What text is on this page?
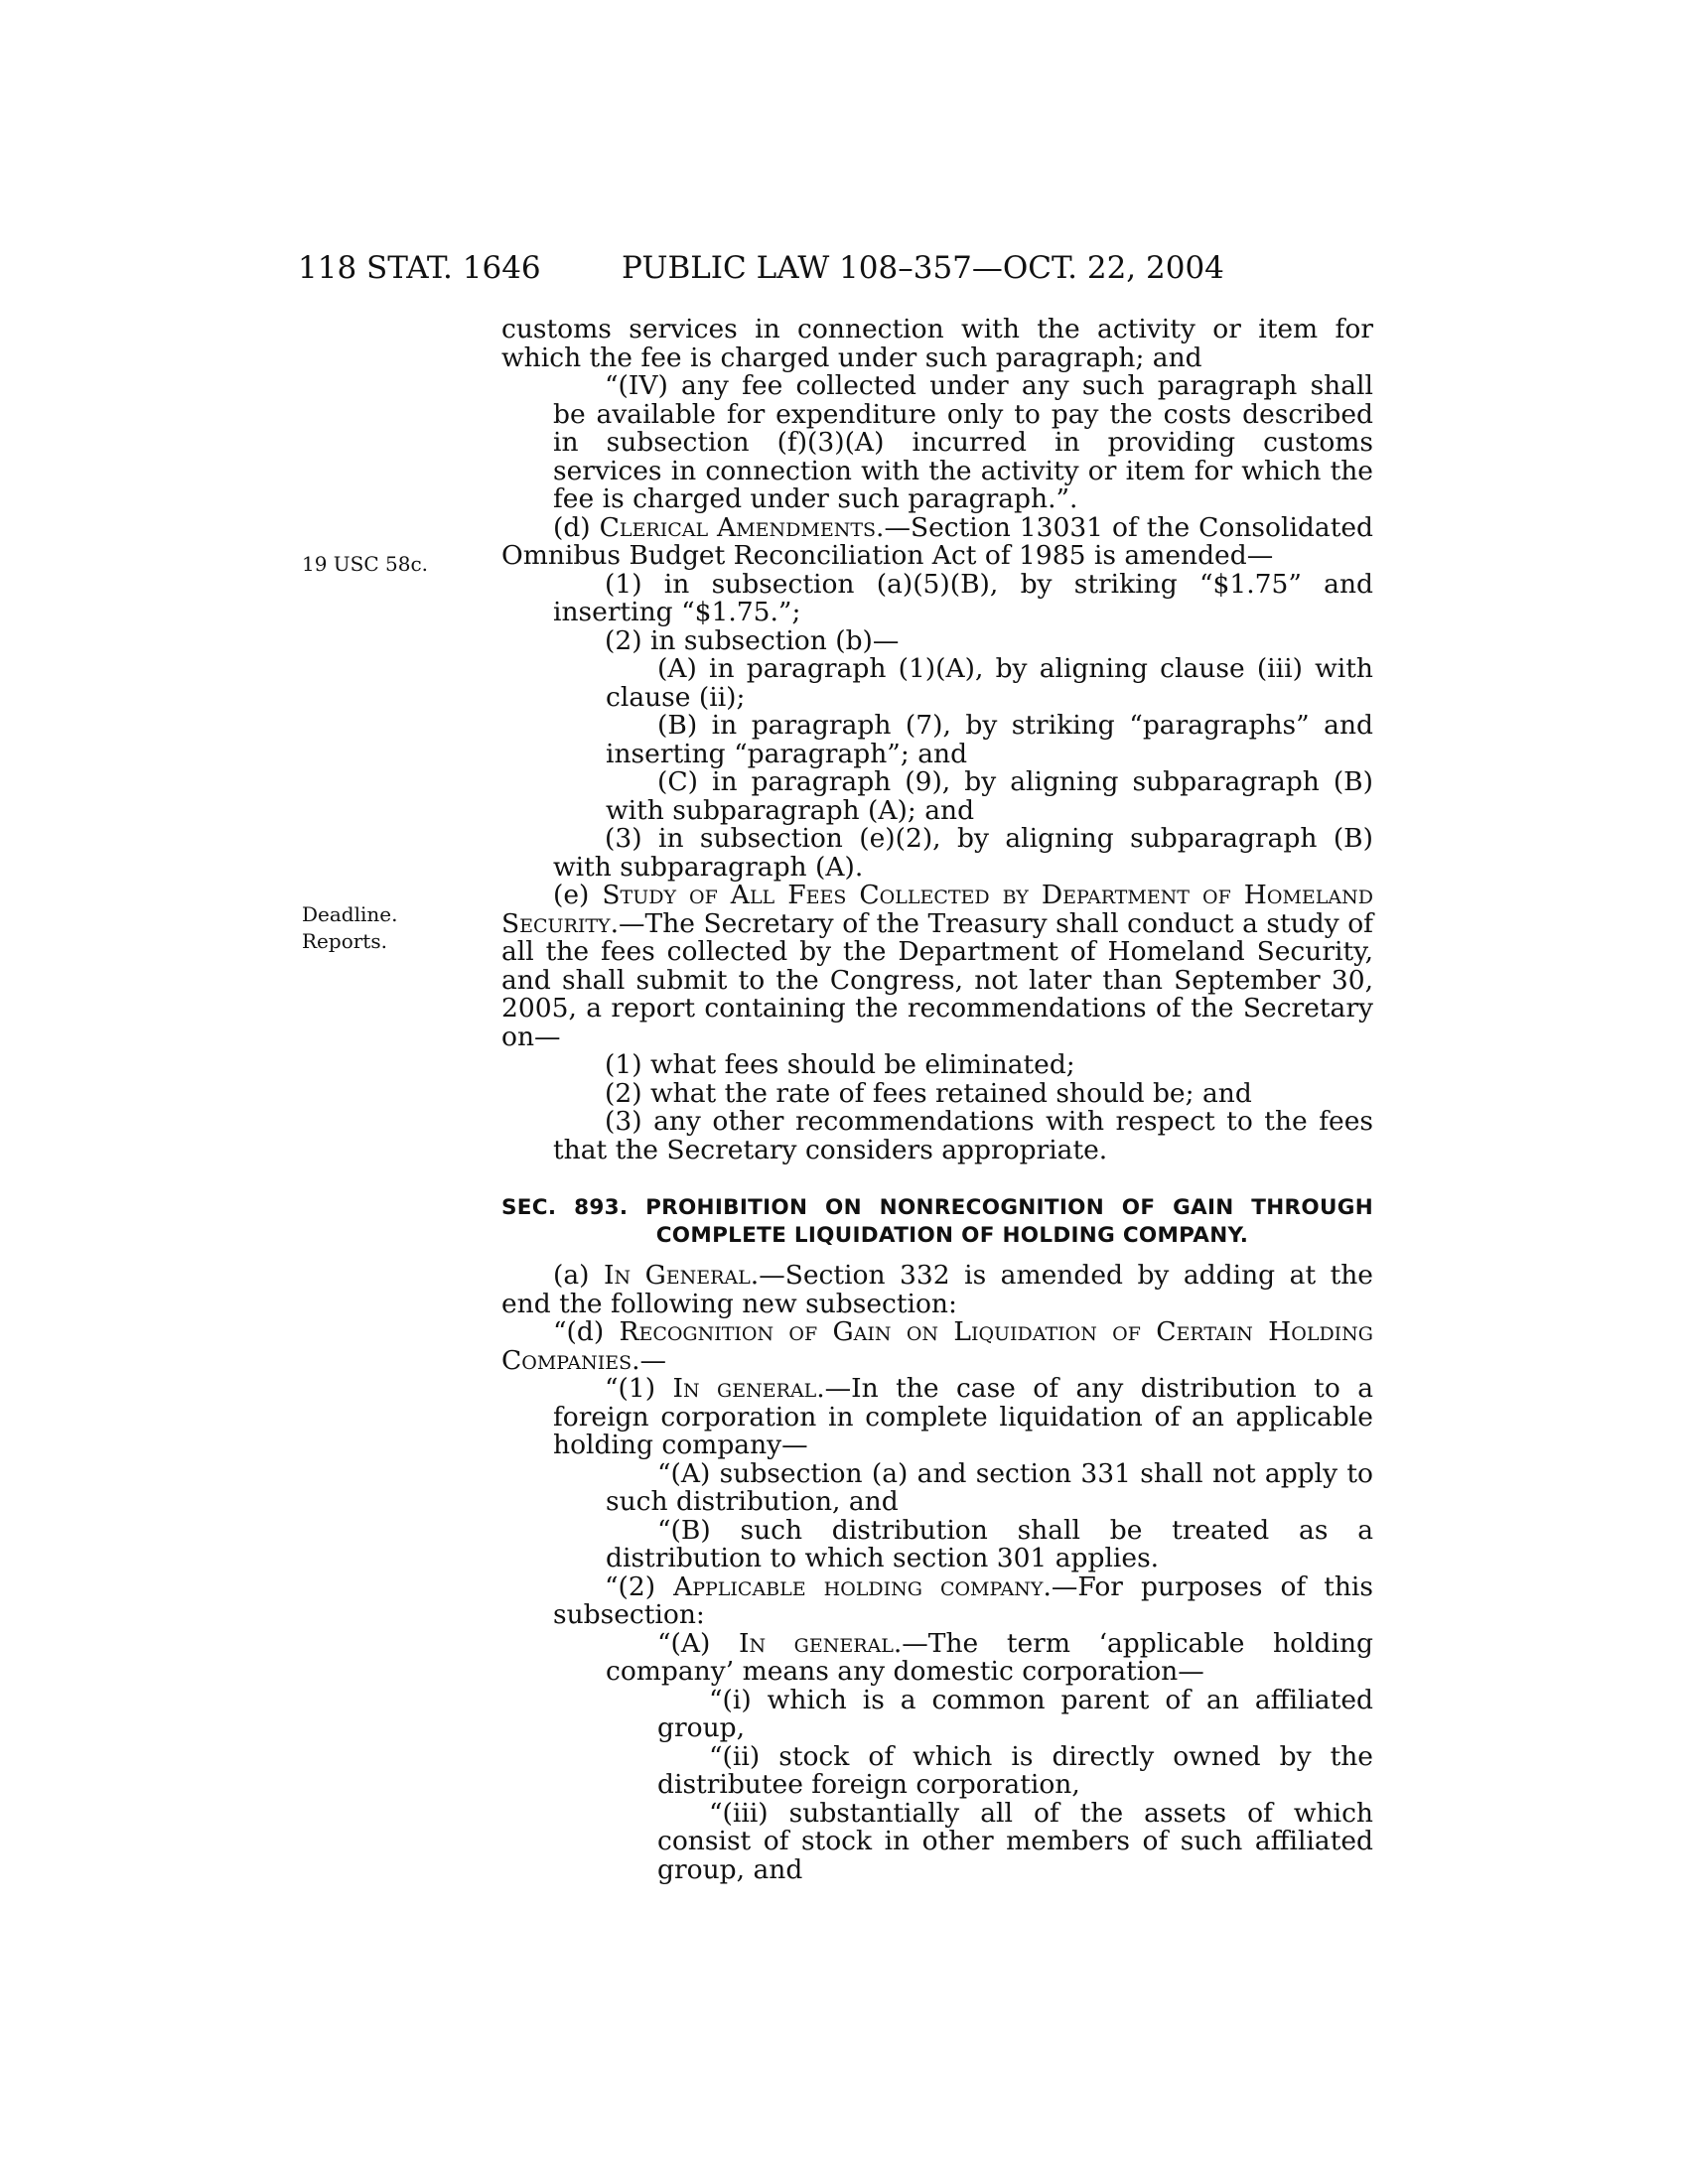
118 STAT. 1646	PUBLIC LAW 108–357—OCT. 22, 2004
19 USC 58c.
Deadline.
Reports.

customs services in connection with the activity or item for which the fee is charged under such paragraph; and

“(IV) any fee collected under any such paragraph shall be available for expenditure only to pay the costs described in subsection (f)(3)(A) incurred in providing customs services in connection with the activity or item for which the fee is charged under such paragraph.”.

(d) Clerical Amendments.—Section 13031 of the Consolidated Omnibus Budget Reconciliation Act of 1985 is amended—

(1) in subsection (a)(5)(B), by striking “$1.75” and inserting “$1.75.”;

(2) in subsection (b)—

(A) in paragraph (1)(A), by aligning clause (iii) with clause (ii);

(B) in paragraph (7), by striking “paragraphs” and inserting “paragraph”; and

(C) in paragraph (9), by aligning subparagraph (B) with subparagraph (A); and

(3) in subsection (e)(2), by aligning subparagraph (B) with subparagraph (A).

(e) Study of All Fees Collected by Department of Homeland Security.—The Secretary of the Treasury shall conduct a study of all the fees collected by the Department of Homeland Security, and shall submit to the Congress, not later than September 30, 2005, a report containing the recommendations of the Secretary on—

(1) what fees should be eliminated;

(2) what the rate of fees retained should be; and

(3) any other recommendations with respect to the fees that the Secretary considers appropriate.

SEC. 893. PROHIBITION ON NONRECOGNITION OF GAIN THROUGH
COMPLETE LIQUIDATION OF HOLDING COMPANY.

(a) In General.—Section 332 is amended by adding at the end the following new subsection:

“(d) Recognition of Gain on Liquidation of Certain Holding Companies.—

“(1) In general.—In the case of any distribution to a foreign corporation in complete liquidation of an applicable holding company—

“(A) subsection (a) and section 331 shall not apply to such distribution, and

“(B) such distribution shall be treated as a distribution to which section 301 applies.

“(2) Applicable holding company.—For purposes of this subsection:

“(A) In general.—The term ‘applicable holding company’ means any domestic corporation—

“(i) which is a common parent of an affiliated group,

“(ii) stock of which is directly owned by the distributee foreign corporation,

“(iii) substantially all of the assets of which consist of stock in other members of such affiliated group, and
